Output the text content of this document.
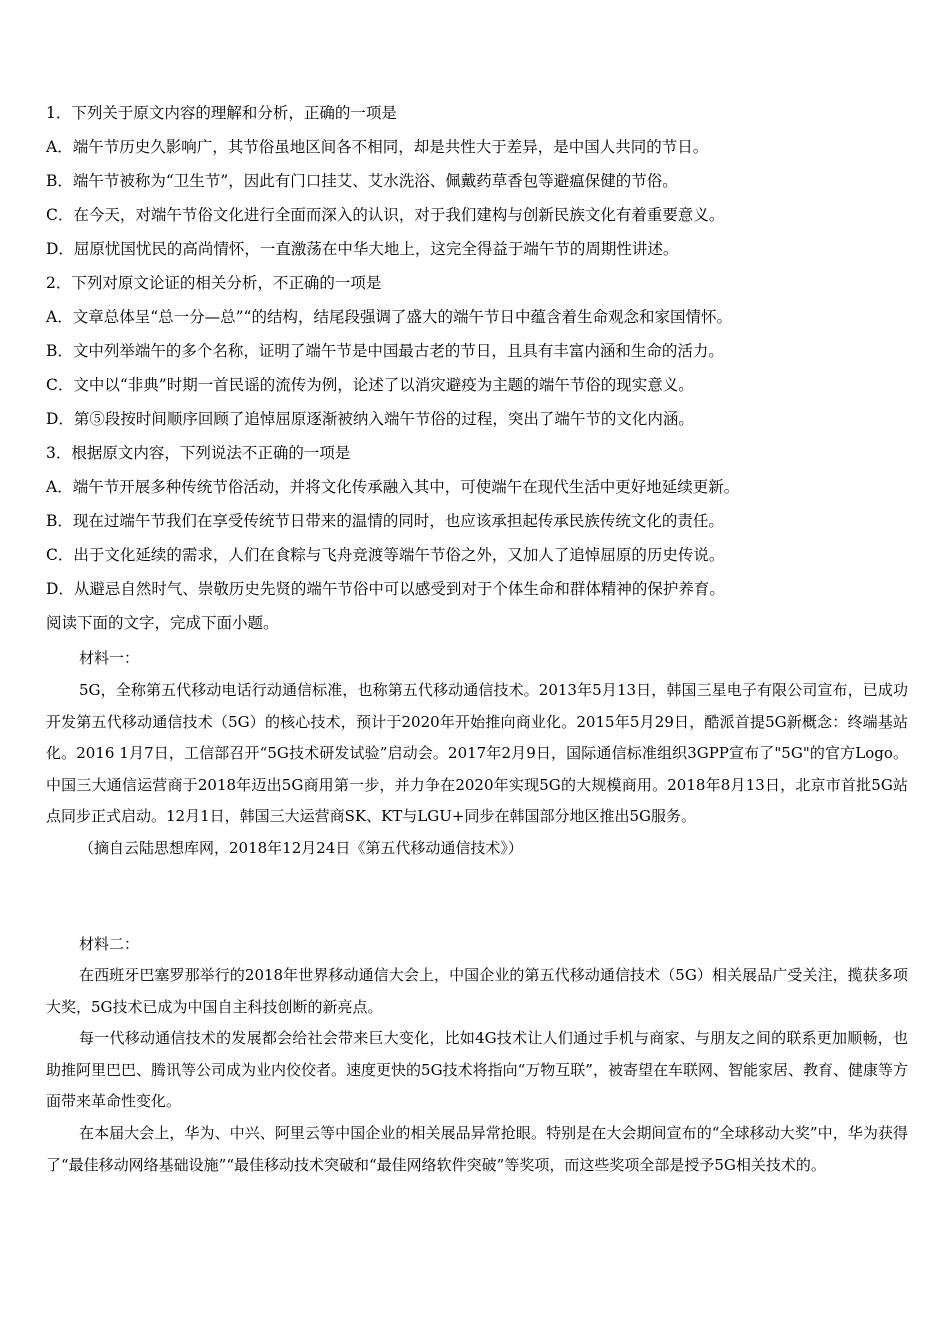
1．下列关于原文内容的理解和分析，正确的一项是
A．端午节历史久影响广，其节俗虽地区间各不相同，却是共性大于差异，是中国人共同的节日。
B．端午节被称为“卫生节”，因此有门口挂艾、艾水洗浴、佩戴药草香包等避瘟保健的节俗。
C．在今天，对端午节俗文化进行全面而深入的认识，对于我们建构与创新民族文化有着重要意义。
D．屈原忧国忧民的高尚情怀，一直激荡在中华大地上，这完全得益于端午节的周期性讲述。
2．下列对原文论证的相关分析，不正确的一项是
A．文章总体呈“总一分—总”“的结构，结尾段强调了盛大的端午节日中蕴含着生命观念和家国情怀。
B．文中列举端午的多个名称，证明了端午节是中国最古老的节日，且具有丰富内涵和生命的活力。
C．文中以“非典”时期一首民谣的流传为例，论述了以消灾避疫为主题的端午节俗的现实意义。
D．第⑤段按时间顺序回顾了追悼屈原逐渐被纳入端午节俗的过程，突出了端午节的文化内涵。
3．根据原文内容，下列说法不正确的一项是
A．端午节开展多种传统节俗活动，并将文化传承融入其中，可使端午在现代生活中更好地延续更新。
B．现在过端午节我们在享受传统节日带来的温情的同时，也应该承担起传承民族传统文化的责任。
C．出于文化延续的需求，人们在食粽与飞舟竞渡等端午节俗之外，又加人了追悼屈原的历史传说。
D．从避忌自然时气、崇敬历史先贤的端午节俗中可以感受到对于个体生命和群体精神的保护养育。
阅读下面的文字，完成下面小题。
材料一：

5G，全称第五代移动电话行动通信标准，也称第五代移动通信技术。2013年5月13日，韩国三星电子有限公司宣布，已成功开发第五代移动通信技术（5G）的核心技术，预计于2020年开始推向商业化。2015年5月29日，酷派首提5G新概念：终端基站化。2016 1月7日，工信部召开“5G技术研发试验”启动会。2017年2月9日，国际通信标准组织3GPP宣布了"5G"的官方Logo。中国三大通信运营商于2018年迈出5G商用第一步，并力争在2020年实现5G的大规模商用。2018年8月13日，北京市首批5G站点同步正式启动。12月1日，韩国三大运营商SK、KT与LGU+同步在韩国部分地区推出5G服务。

（摘自云陆思想库网，2018年12月24日《第五代移动通信技术》）

材料二：

在西班牙巴塞罗那举行的2018年世界移动通信大会上，中国企业的第五代移动通信技术（5G）相关展品广受关注，揽获多项大奖，5G技术已成为中国自主科技创断的新亮点。

每一代移动通信技术的发展都会给社会带来巨大变化，比如4G技术让人们通过手机与商家、与朋友之间的联系更加顺畅，也助推阿里巴巴、腾讯等公司成为业内佼佼者。速度更快的5G技术将指向“万物互联”，被寄望在车联网、智能家居、教育、健康等方面带来革命性变化。

在本届大会上，华为、中兴、阿里云等中国企业的相关展品异常抢眼。特别是在大会期间宣布的“全球移动大奖”中，华为获得了“最佳移动网络基础设施”“最佳移动技术突破和“最佳网络软件突破”等奖项，而这些奖项全部是授予5G相关技术的。
